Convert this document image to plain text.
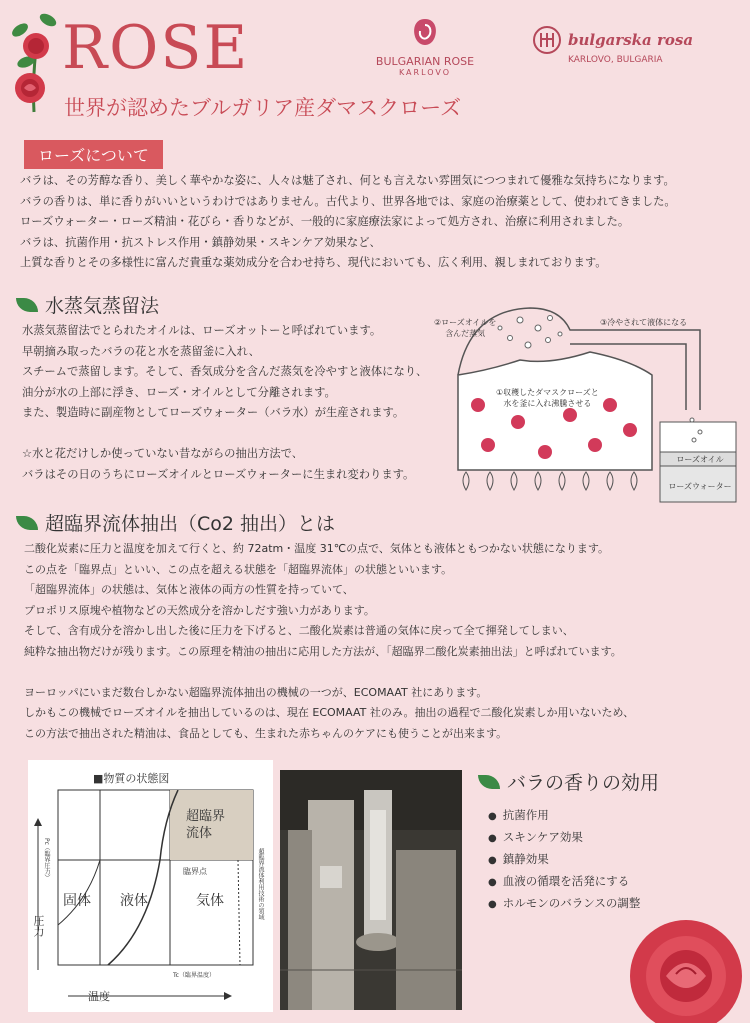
ROSE
世界が認めたブルガリア産ダマスクローズ
BULGARIAN ROSE
KARLOVO
bulgarska rosa
KARLOVO, BULGARIA
ローズについて
バラは、その芳醇な香り、美しく華やかな姿に、人々は魅了され、何とも言えない雰囲気につつまれて優雅な気持ちになります。
バラの香りは、単に香りがいいというわけではありません。古代より、世界各地では、家庭の治療薬として、使われてきました。
ローズウォーター・ローズ精油・花びら・香りなどが、一般的に家庭療法家によって処方され、治療に利用されました。
バラは、抗菌作用・抗ストレス作用・鎮静効果・スキンケア効果など、
上質な香りとその多様性に富んだ貴重な薬効成分を合わせ持ち、現代においても、広く利用、親しまれております。
水蒸気蒸留法
水蒸気蒸留法でとられたオイルは、ローズオットーと呼ばれています。
早朝摘み取ったバラの花と水を蒸留釜に入れ、
スチームで蒸留します。そして、香気成分を含んだ蒸気を冷やすと液体になり、
油分が水の上部に浮き、ローズ・オイルとして分離されます。
また、製造時に副産物としてローズウォーター（バラ水）が生産されます。
☆水と花だけしか使っていない昔ながらの抽出方法で、
バラはその日のうちにローズオイルとローズウォーターに生まれ変わります。
②ローズオイルを
含んだ蒸気
③冷やされて液体になる
①収穫したダマスクローズと
水を釜に入れ沸騰させる
ローズオイル
ローズウォーター
超臨界流体抽出（Co2 抽出）とは
二酸化炭素に圧力と温度を加えて行くと、約 72atm・温度 31℃の点で、気体とも液体ともつかない状態になります。
この点を「臨界点」といい、この点を超える状態を「超臨界流体」の状態といいます。
「超臨界流体」の状態は、気体と液体の両方の性質を持っていて、
プロポリス原塊や植物などの天然成分を溶かしだす強い力があります。
そして、含有成分を溶かし出した後に圧力を下げると、二酸化炭素は普通の気体に戻って全て揮発してしまい、
純粋な抽出物だけが残ります。この原理を精油の抽出に応用した方法が、「超臨界二酸化炭素抽出法」と呼ばれています。
ヨーロッパにいまだ数台しかない超臨界流体抽出の機械の一つが、ECOMAAT 社にあります。
しかもこの機械でローズオイルを抽出しているのは、現在 ECOMAAT 社のみ。抽出の過程で二酸化炭素しか用いないため、
この方法で抽出された精油は、食品としても、生まれた赤ちゃんのケアにも使うことが出来ます。
■物質の状態図
固体 液体	気体
超臨界
流体
臨界点
圧力
Pc（臨界圧力）
温度
Tc（臨界温度）
超臨界流体利用技術の領域
バラの香りの効用
● 抗菌作用
● スキンケア効果
● 鎮静効果
● 血液の循環を活発にする
● ホルモンのバランスの調整
